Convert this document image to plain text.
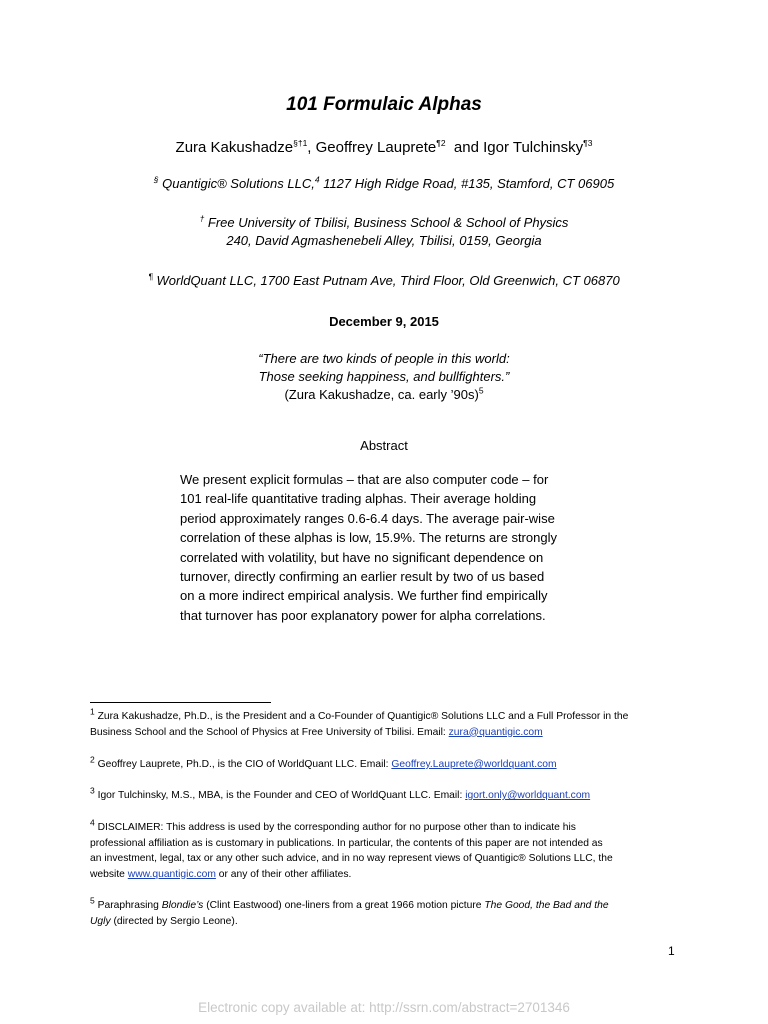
101 Formulaic Alphas
Zura Kakushadze$^{\S\dagger 1}$, Geoffrey Lauprete$^{\P 2}$  and Igor Tulchinsky$^{\P 3}$
§ Quantigic® Solutions LLC,$^4$ 1127 High Ridge Road, #135, Stamford, CT 06905
† Free University of Tbilisi, Business School & School of Physics
240, David Agmashenebeli Alley, Tbilisi, 0159, Georgia
¶ WorldQuant LLC, 1700 East Putnam Ave, Third Floor, Old Greenwich, CT 06870
December 9, 2015
“There are two kinds of people in this world:
Those seeking happiness, and bullfighters.”
(Zura Kakushadze, ca. early ’90s)$^5$
Abstract

We present explicit formulas – that are also computer code – for
101 real-life quantitative trading alphas. Their average holding
period approximately ranges 0.6-6.4 days. The average pair-wise
correlation of these alphas is low, 15.9%. The returns are strongly
correlated with volatility, but have no significant dependence on
turnover, directly confirming an earlier result by two of us based
on a more indirect empirical analysis. We further find empirically
that turnover has poor explanatory power for alpha correlations.

$^1$ Zura Kakushadze, Ph.D., is the President and a Co-Founder of Quantigic® Solutions LLC and a Full Professor in the
Business School and the School of Physics at Free University of Tbilisi. Email: zura@quantigic.com

$^2$ Geoffrey Lauprete, Ph.D., is the CIO of WorldQuant LLC. Email: Geoffrey.Lauprete@worldquant.com

$^3$ Igor Tulchinsky, M.S., MBA, is the Founder and CEO of WorldQuant LLC. Email: igort.only@worldquant.com

$^4$ DISCLAIMER: This address is used by the corresponding author for no purpose other than to indicate his
professional affiliation as is customary in publications. In particular, the contents of this paper are not intended as
an investment, legal, tax or any other such advice, and in no way represent views of Quantigic® Solutions LLC, the
website www.quantigic.com or any of their other affiliates.

$^5$ Paraphrasing Blondie’s (Clint Eastwood) one-liners from a great 1966 motion picture The Good, the Bad and the
Ugly (directed by Sergio Leone).

1
Electronic copy available at: http://ssrn.com/abstract=2701346
